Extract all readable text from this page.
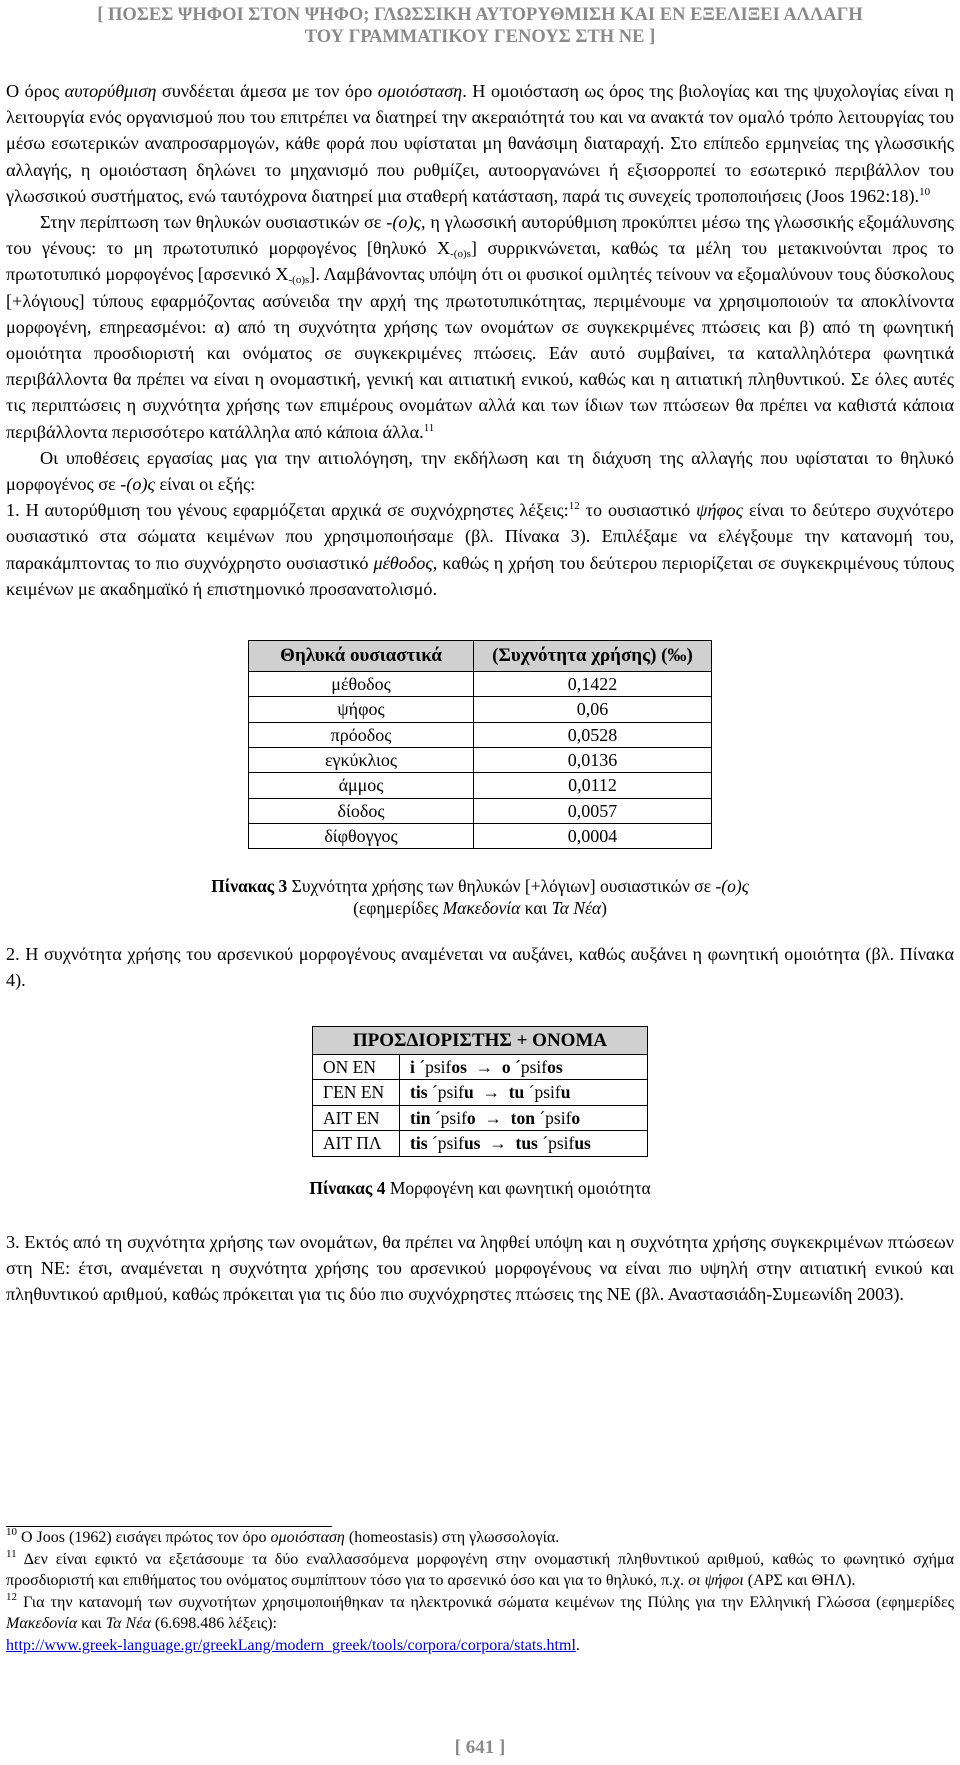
[ ΠΟΣΕΣ ΨΗΦΟΙ ΣΤΟΝ ΨΗΦΟ; ΓΛΩΣΣΙΚΗ ΑΥΤΟΡΥΘΜΙΣΗ ΚΑΙ ΕΝ ΕΞΕΛΙΞΕΙ ΑΛΛΑΓΗ
ΤΟΥ ΓΡΑΜΜΑΤΙΚΟΥ ΓΕΝΟΥΣ ΣΤΗ ΝΕ ]

Ο όρος αυτορύθμιση συνδέεται άμεσα με τον όρο ομοιόσταση. Η ομοιόσταση ως όρος της βιολογίας και της ψυχολογίας είναι η λειτουργία ενός οργανισμού που του επιτρέπει να διατηρεί την ακεραιότητά του και να ανακτά τον ομαλό τρόπο λειτουργίας του μέσω εσωτερικών αναπροσαρμογών, κάθε φορά που υφίσταται μη θανάσιμη διαταραχή. Στο επίπεδο ερμηνείας της γλωσσικής αλλαγής, η ομοιόσταση δηλώνει το μηχανισμό που ρυθμίζει, αυτοοργανώνει ή εξισορροπεί το εσωτερικό περιβάλλον του γλωσσικού συστήματος, ενώ ταυτόχρονα διατηρεί μια σταθερή κατάσταση, παρά τις συνεχείς τροποποιήσεις (Joos 1962:18).$^{10}$

Στην περίπτωση των θηλυκών ουσιαστικών σε -(ο)ς, η γλωσσική αυτορύθμιση προκύπτει μέσω της γλωσσικής εξομάλυνσης του γένους: το μη πρωτοτυπικό μορφογένος [θηλυκό $X_{-(o)s}$] συρρικνώνεται, καθώς τα μέλη του μετακινούνται προς το πρωτοτυπικό μορφογένος [αρσενικό $X_{-(o)s}$]. Λαμβάνοντας υπόψη ότι οι φυσικοί ομιλητές τείνουν να εξομαλύνουν τους δύσκολους [+λόγιους] τύπους εφαρμόζοντας ασύνειδα την αρχή της πρωτοτυπικότητας, περιμένουμε να χρησιμοποιούν τα αποκλίνοντα μορφογένη, επηρεασμένοι: α) από τη συχνότητα χρήσης των ονομάτων σε συγκεκριμένες πτώσεις και β) από τη φωνητική ομοιότητα προσδιοριστή και ονόματος σε συγκεκριμένες πτώσεις. Εάν αυτό συμβαίνει, τα καταλληλότερα φωνητικά περιβάλλοντα θα πρέπει να είναι η ονομαστική, γενική και αιτιατική ενικού, καθώς και η αιτιατική πληθυντικού. Σε όλες αυτές τις περιπτώσεις η συχνότητα χρήσης των επιμέρους ονομάτων αλλά και των ίδιων των πτώσεων θα πρέπει να καθιστά κάποια περιβάλλοντα περισσότερο κατάλληλα από κάποια άλλα.$^{11}$

Οι υποθέσεις εργασίας μας για την αιτιολόγηση, την εκδήλωση και τη διάχυση της αλλαγής που υφίσταται το θηλυκό μορφογένος σε -(ο)ς είναι οι εξής:

1. Η αυτορύθμιση του γένους εφαρμόζεται αρχικά σε συχνόχρηστες λέξεις:$^{12}$ το ουσιαστικό ψήφος είναι το δεύτερο συχνότερο ουσιαστικό στα σώματα κειμένων που χρησιμοποιήσαμε (βλ. Πίνακα 3). Επιλέξαμε να ελέγξουμε την κατανομή του, παρακάμπτοντας το πιο συχνόχρηστο ουσιαστικό μέθοδος, καθώς η χρήση του δεύτερου περιορίζεται σε συγκεκριμένους τύπους κειμένων με ακαδημαϊκό ή επιστημονικό προσανατολισμό.

Θηλυκά ουσιαστικά	(Συχνότητα χρήσης) (‰)
μέθοδος	0,1422
ψήφος	0,06
πρόοδος	0,0528
εγκύκλιος	0,0136
άμμος	0,0112
δίοδος	0,0057
δίφθογγος	0,0004
Πίνακας 3 Συχνότητα χρήσης των θηλυκών [+λόγιων] ουσιαστικών σε -(ο)ς
(εφημερίδες Μακεδονία και Τα Νέα)

2. Η συχνότητα χρήσης του αρσενικού μορφογένους αναμένεται να αυξάνει, καθώς αυξάνει η φωνητική ομοιότητα (βλ. Πίνακα 4).

ΠΡΟΣΔΙΟΡΙΣΤΗΣ + ΟΝΟΜΑ	
ΟΝ ΕΝ	i ´psifos → o ´psifos
ΓΕΝ ΕΝ	tis ´psifu → tu ´psifu
ΑΙΤ ΕΝ	tin ´psifo → ton ´psifo
ΑΙΤ ΠΛ	tis ´psifus → tus ´psifus
Πίνακας 4 Μορφογένη και φωνητική ομοιότητα

3. Εκτός από τη συχνότητα χρήσης των ονομάτων, θα πρέπει να ληφθεί υπόψη και η συχνότητα χρήσης συγκεκριμένων πτώσεων στη ΝΕ: έτσι, αναμένεται η συχνότητα χρήσης του αρσενικού μορφογένους να είναι πιο υψηλή στην αιτιατική ενικού και πληθυντικού αριθμού, καθώς πρόκειται για τις δύο πιο συχνόχρηστες πτώσεις της ΝΕ (βλ. Αναστασιάδη-Συμεωνίδη 2003).

$^{10}$ Ο Joos (1962) εισάγει πρώτος τον όρο ομοιόσταση (homeostasis) στη γλωσσολογία.

$^{11}$ Δεν είναι εφικτό να εξετάσουμε τα δύο εναλλασσόμενα μορφογένη στην ονομαστική πληθυντικού αριθμού, καθώς το φωνητικό σχήμα προσδιοριστή και επιθήματος του ονόματος συμπίπτουν τόσο για το αρσενικό όσο και για το θηλυκό, π.χ. οι ψήφοι (ΑΡΣ και ΘΗΛ).

$^{12}$ Για την κατανομή των συχνοτήτων χρησιμοποιήθηκαν τα ηλεκτρονικά σώματα κειμένων της Πύλης για την Ελληνική Γλώσσα (εφημερίδες Μακεδονία και Τα Νέα (6.698.486 λέξεις):
http://www.greek-language.gr/greekLang/modern_greek/tools/corpora/corpora/stats.html.

[ 641 ]
